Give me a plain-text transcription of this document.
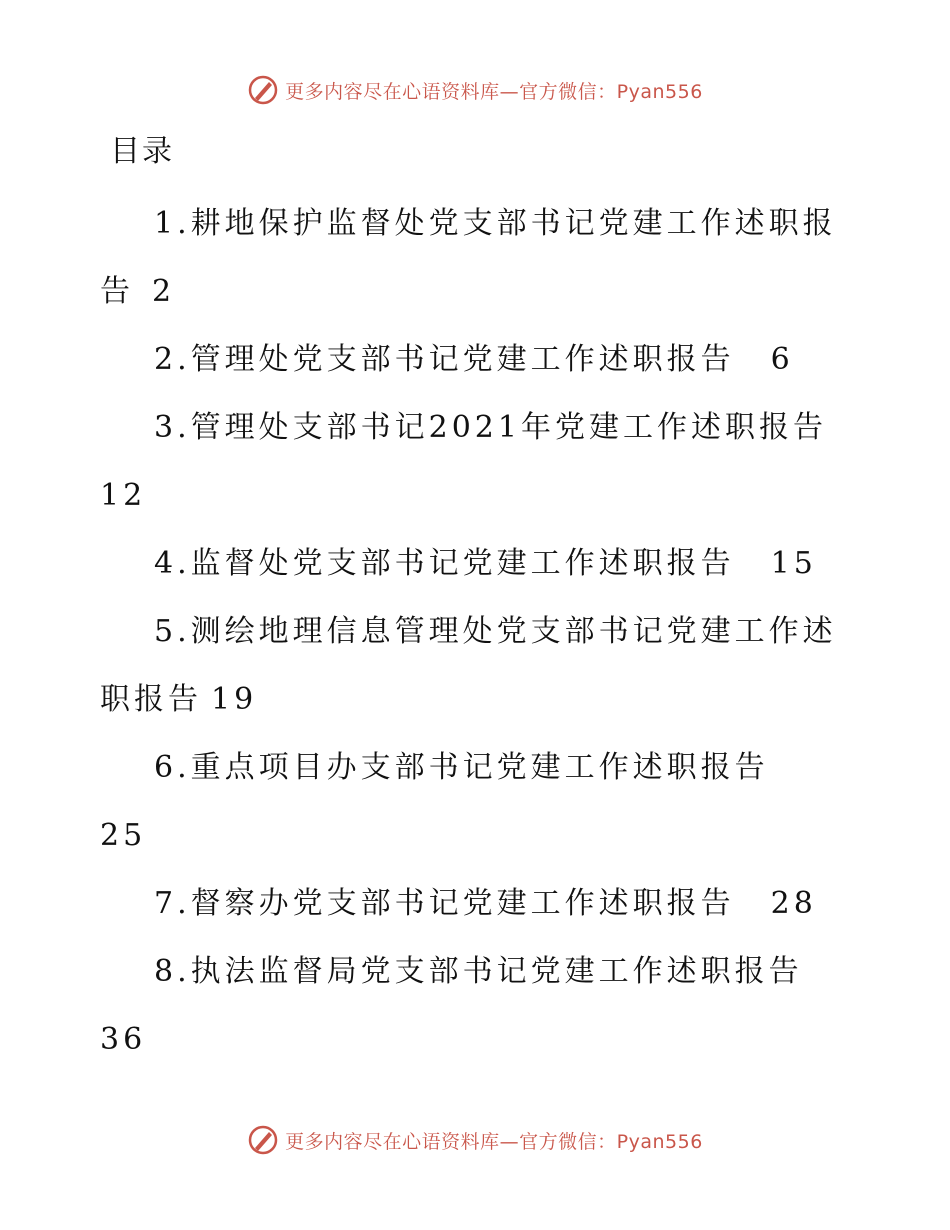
更多内容尽在心语资料库—官方微信：Pyan556
目录
1.耕地保护监督处党支部书记党建工作述职报告 2
2.管理处党支部书记党建工作述职报告 6
3.管理处支部书记2021年党建工作述职报告
12
4.监督处党支部书记党建工作述职报告 15
5.测绘地理信息管理处党支部书记党建工作述职报告 19
6.重点项目办支部书记党建工作述职报告
25
7.督察办党支部书记党建工作述职报告 28
8.执法监督局党支部书记党建工作述职报告
36
更多内容尽在心语资料库—官方微信：Pyan556
